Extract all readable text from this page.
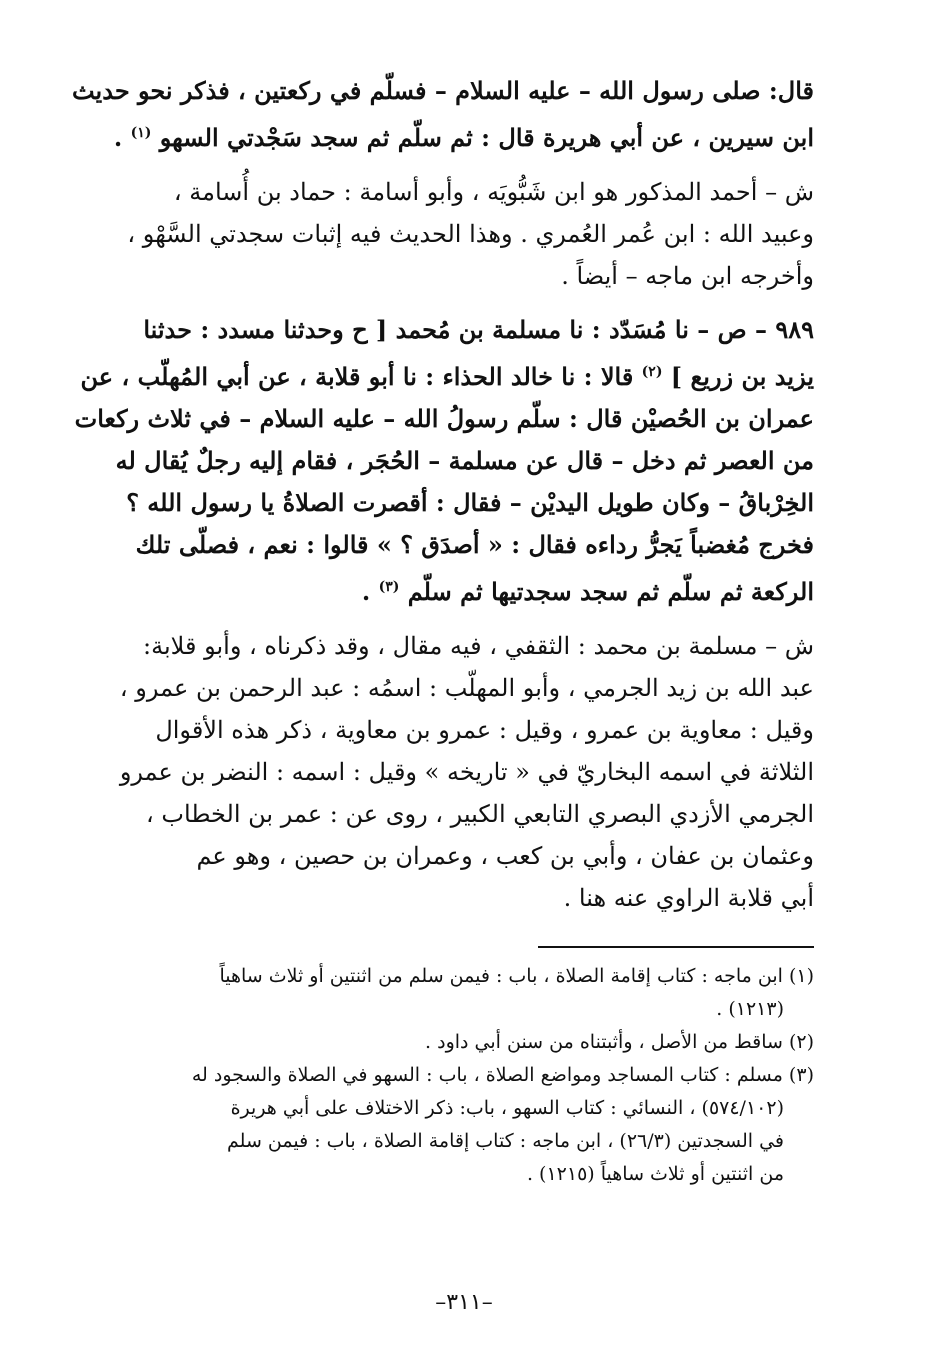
قال: صلى رسول الله – عليه السلام – فسلّم في ركعتين ، فذكر نحو حديث
ابن سيرين ، عن أبي هريرة قال : ثم سلّم ثم سجد سَجْدتي السهو $^{(١)}$ .
ش – أحمد المذكور هو ابن شَبُّويَه ، وأبو أسامة : حماد بن أُسامة ،
وعبيد الله : ابن عُمر العُمري . وهذا الحديث فيه إثبات سجدتي السَّهْو ،
وأخرجه ابن ماجه – أيضاً .
٩٨٩ – ص – نا مُسَدّد : نا مسلمة بن مُحمد [ ح وحدثنا مسدد : حدثنا
يزيد بن زريع ] $^{(٢)}$ قالا : نا خالد الحذاء : نا أبو قلابة ، عن أبي المُهلّب ، عن
عمران بن الحُصيْن قال : سلّم رسولُ الله – عليه السلام – في ثلاث ركعات
من العصر ثم دخل – قال عن مسلمة – الحُجَر ، فقام إليه رجلٌ يُقال له
الخِرْباقُ – وكان طويل اليديْن – فقال : أقصرت الصلاةُ يا رسول الله ؟
فخرج مُغضباً يَجرُّ رداءه فقال : « أصدَق ؟ » قالوا : نعم ، فصلّى تلك
الركعة ثم سلّم ثم سجد سجدتيها ثم سلّم $^{(٣)}$ .
ش – مسلمة بن محمد : الثقفي ، فيه مقال ، وقد ذكرناه ، وأبو قلابة:
عبد الله بن زيد الجرمي ، وأبو المهلّب : اسمُه : عبد الرحمن بن عمرو ،
وقيل : معاوية بن عمرو ، وقيل : عمرو بن معاوية ، ذكر هذه الأقوال
الثلاثة في اسمه البخاريّ في « تاريخه » وقيل : اسمه : النضر بن عمرو
الجرمي الأزدي البصري التابعي الكبير ، روى عن : عمر بن الخطاب ،
وعثمان بن عفان ، وأبي بن كعب ، وعمران بن حصين ، وهو عم
أبي قلابة الراوي عنه هنا .
(١) ابن ماجه : كتاب إقامة الصلاة ، باب : فيمن سلم من اثنتين أو ثلاث ساهياً
(١٢١٣) .
(٢) ساقط من الأصل ، وأثبتناه من سنن أبي داود .
(٣) مسلم : كتاب المساجد ومواضع الصلاة ، باب : السهو في الصلاة والسجود له
(٥٧٤/١٠٢) ، النسائي : كتاب السهو ، باب: ذكر الاختلاف على أبي هريرة
في السجدتين (٢٦/٣) ، ابن ماجه : كتاب إقامة الصلاة ، باب : فيمن سلم
من اثنتين أو ثلاث ساهياً (١٢١٥) .
–٣١١–
